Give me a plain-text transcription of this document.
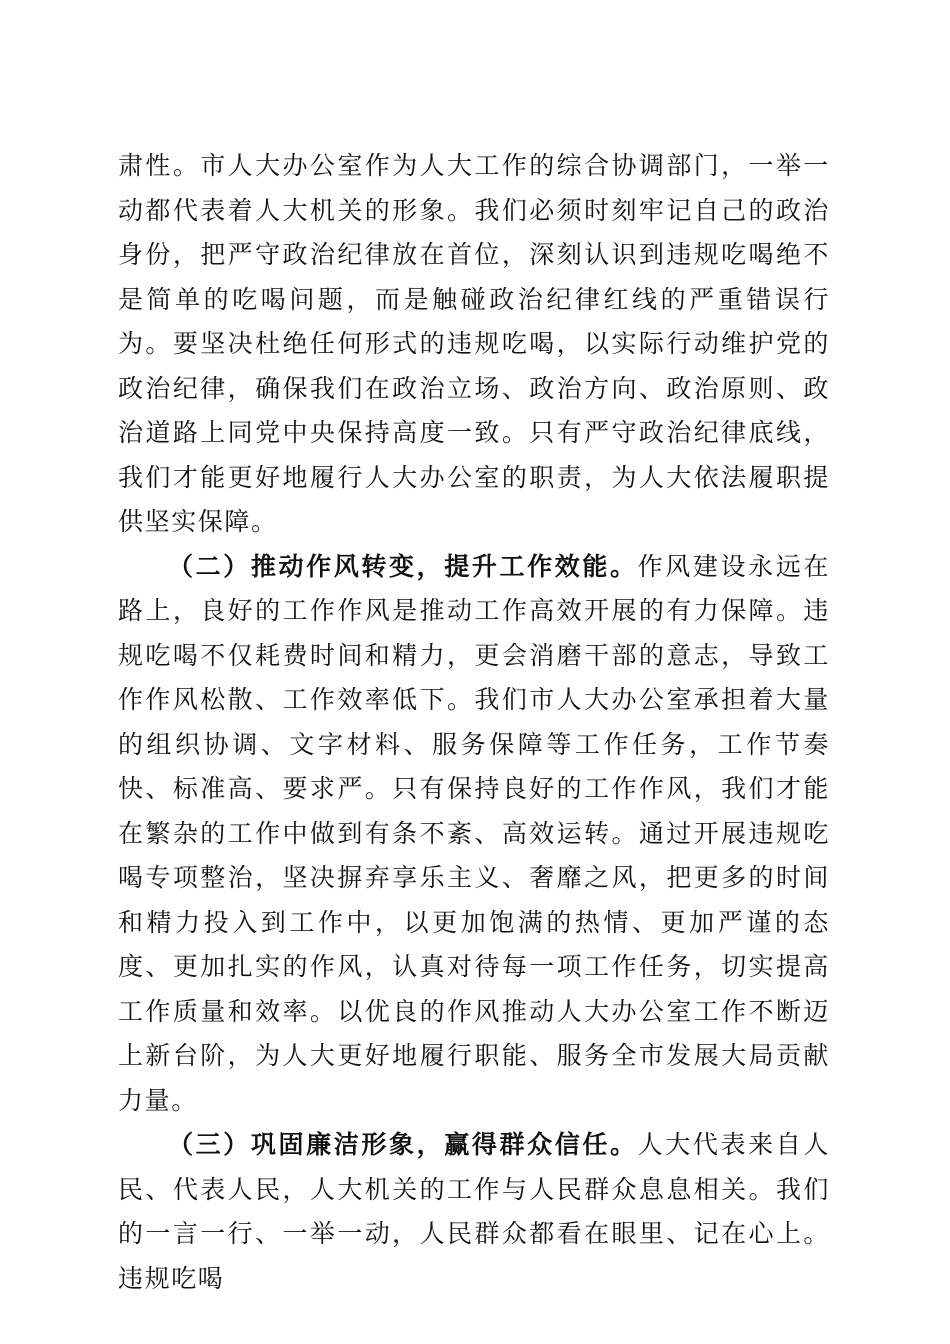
肃性。市人大办公室作为人大工作的综合协调部门，一举一动都代表着人大机关的形象。我们必须时刻牢记自己的政治身份，把严守政治纪律放在首位，深刻认识到违规吃喝绝不是简单的吃喝问题，而是触碰政治纪律红线的严重错误行为。要坚决杜绝任何形式的违规吃喝，以实际行动维护党的政治纪律，确保我们在政治立场、政治方向、政治原则、政治道路上同党中央保持高度一致。只有严守政治纪律底线，我们才能更好地履行人大办公室的职责，为人大依法履职提供坚实保障。

（二）推动作风转变，提升工作效能。作风建设永远在路上，良好的工作作风是推动工作高效开展的有力保障。违规吃喝不仅耗费时间和精力，更会消磨干部的意志，导致工作作风松散、工作效率低下。我们市人大办公室承担着大量的组织协调、文字材料、服务保障等工作任务，工作节奏快、标准高、要求严。只有保持良好的工作作风，我们才能在繁杂的工作中做到有条不紊、高效运转。通过开展违规吃喝专项整治，坚决摒弃享乐主义、奢靡之风，把更多的时间和精力投入到工作中，以更加饱满的热情、更加严谨的态度、更加扎实的作风，认真对待每一项工作任务，切实提高工作质量和效率。以优良的作风推动人大办公室工作不断迈上新台阶，为人大更好地履行职能、服务全市发展大局贡献力量。

（三）巩固廉洁形象，赢得群众信任。人大代表来自人民、代表人民，人大机关的工作与人民群众息息相关。我们的一言一行、一举一动，人民群众都看在眼里、记在心上。违规吃喝
